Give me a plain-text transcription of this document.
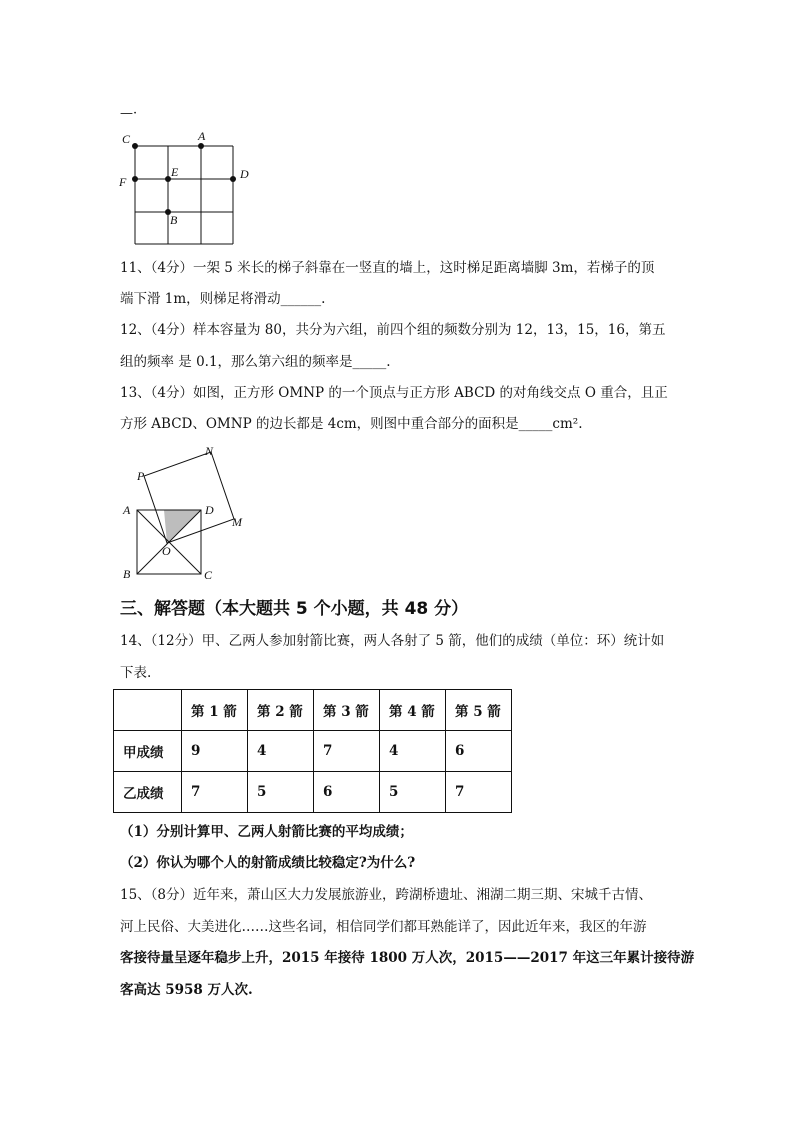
—·
C	A
F
E	D
B
11、（4分）一架 5 米长的梯子斜靠在一竖直的墙上，这时梯足距离墙脚 3m，若梯子的顶
端下滑 1m，则梯足将滑动______.
12、（4分）样本容量为 80，共分为六组，前四个组的频数分别为 12，13，15，16，第五
组的频率 是 0.1，那么第六组的频率是_____.
13、（4分）如图，正方形 OMNP 的一个顶点与正方形 ABCD 的对角线交点 O 重合，且正
方形 ABCD、OMNP 的边长都是 4cm，则图中重合部分的面积是_____cm².
P
N
A	D
M
O
B	C
三、解答题（本大题共 5 个小题，共 48 分）
14、（12分）甲、乙两人参加射箭比赛，两人各射了 5 箭，他们的成绩（单位：环）统计如
下表.
	第 1 箭	第 2 箭	第 3 箭	第 4 箭	第 5 箭
甲成绩	9	4	7	4	6
乙成绩	7	5	6	5	7
（1）分别计算甲、乙两人射箭比赛的平均成绩；
（2）你认为哪个人的射箭成绩比较稳定?为什么?
15、（8分）近年来，萧山区大力发展旅游业，跨湖桥遗址、湘湖二期三期、宋城千古情、
河上民俗、大美进化……这些名词，相信同学们都耳熟能详了，因此近年来，我区的年游
客接待量呈逐年稳步上升，2015 年接待 1800 万人次，2015——2017 年这三年累计接待游
客高达 5958 万人次.
